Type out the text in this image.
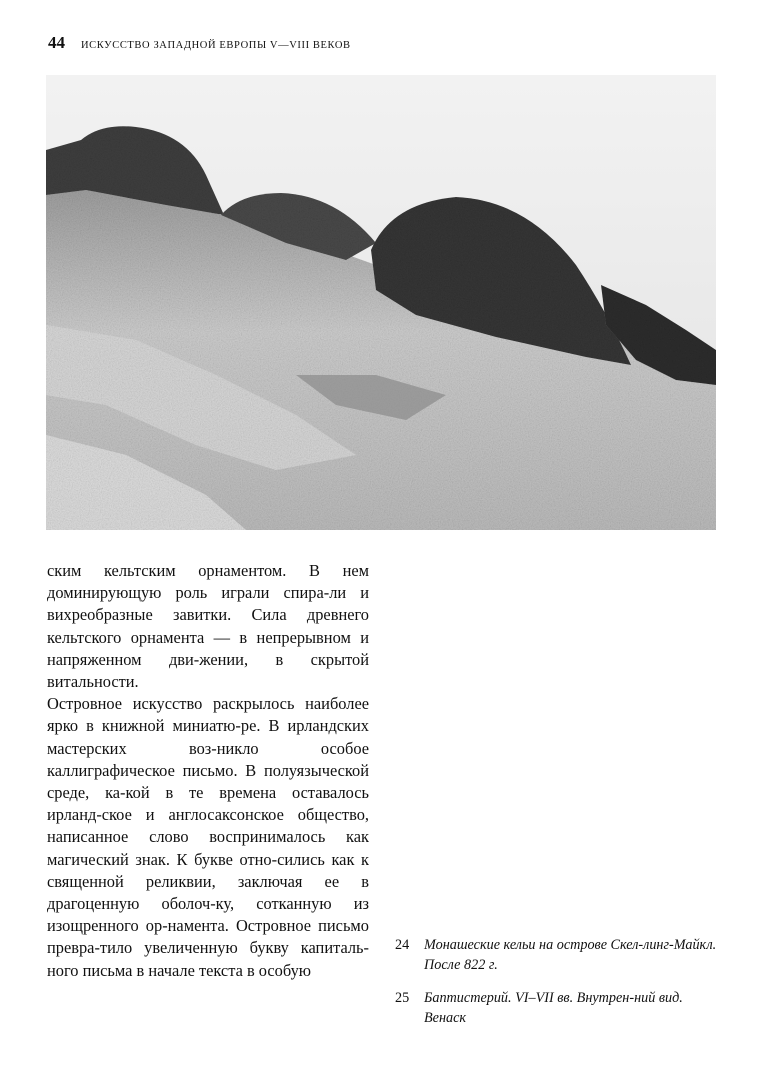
44 ИСКУССТВО ЗАПАДНОЙ ЕВРОПЫ V—VIII ВЕКОВ

ским кельтским орнаментом. В нем доминирующую роль играли спира-ли и вихреобразные завитки. Сила древнего кельтского орнамента — в непрерывном и напряженном дви-жении, в скрытой витальности.

Островное искусство раскрылось наиболее ярко в книжной миниатю-ре. В ирландских мастерских воз-никло особое каллиграфическое письмо. В полуязыческой среде, ка-кой в те времена оставалось ирланд-ское и англосаксонское общество, написанное слово воспринималось как магический знак. К букве отно-сились как к священной реликвии, заключая ее в драгоценную оболоч-ку, сотканную из изощренного ор-намента. Островное письмо превра-тило увеличенную букву капиталь-ного письма в начале текста в особую

24	Монашеские кельи на острове Скел-линг-Майкл. После 822 г.
25	Баптистерий. VI–VII вв. Внутрен-ний вид. Венаск
